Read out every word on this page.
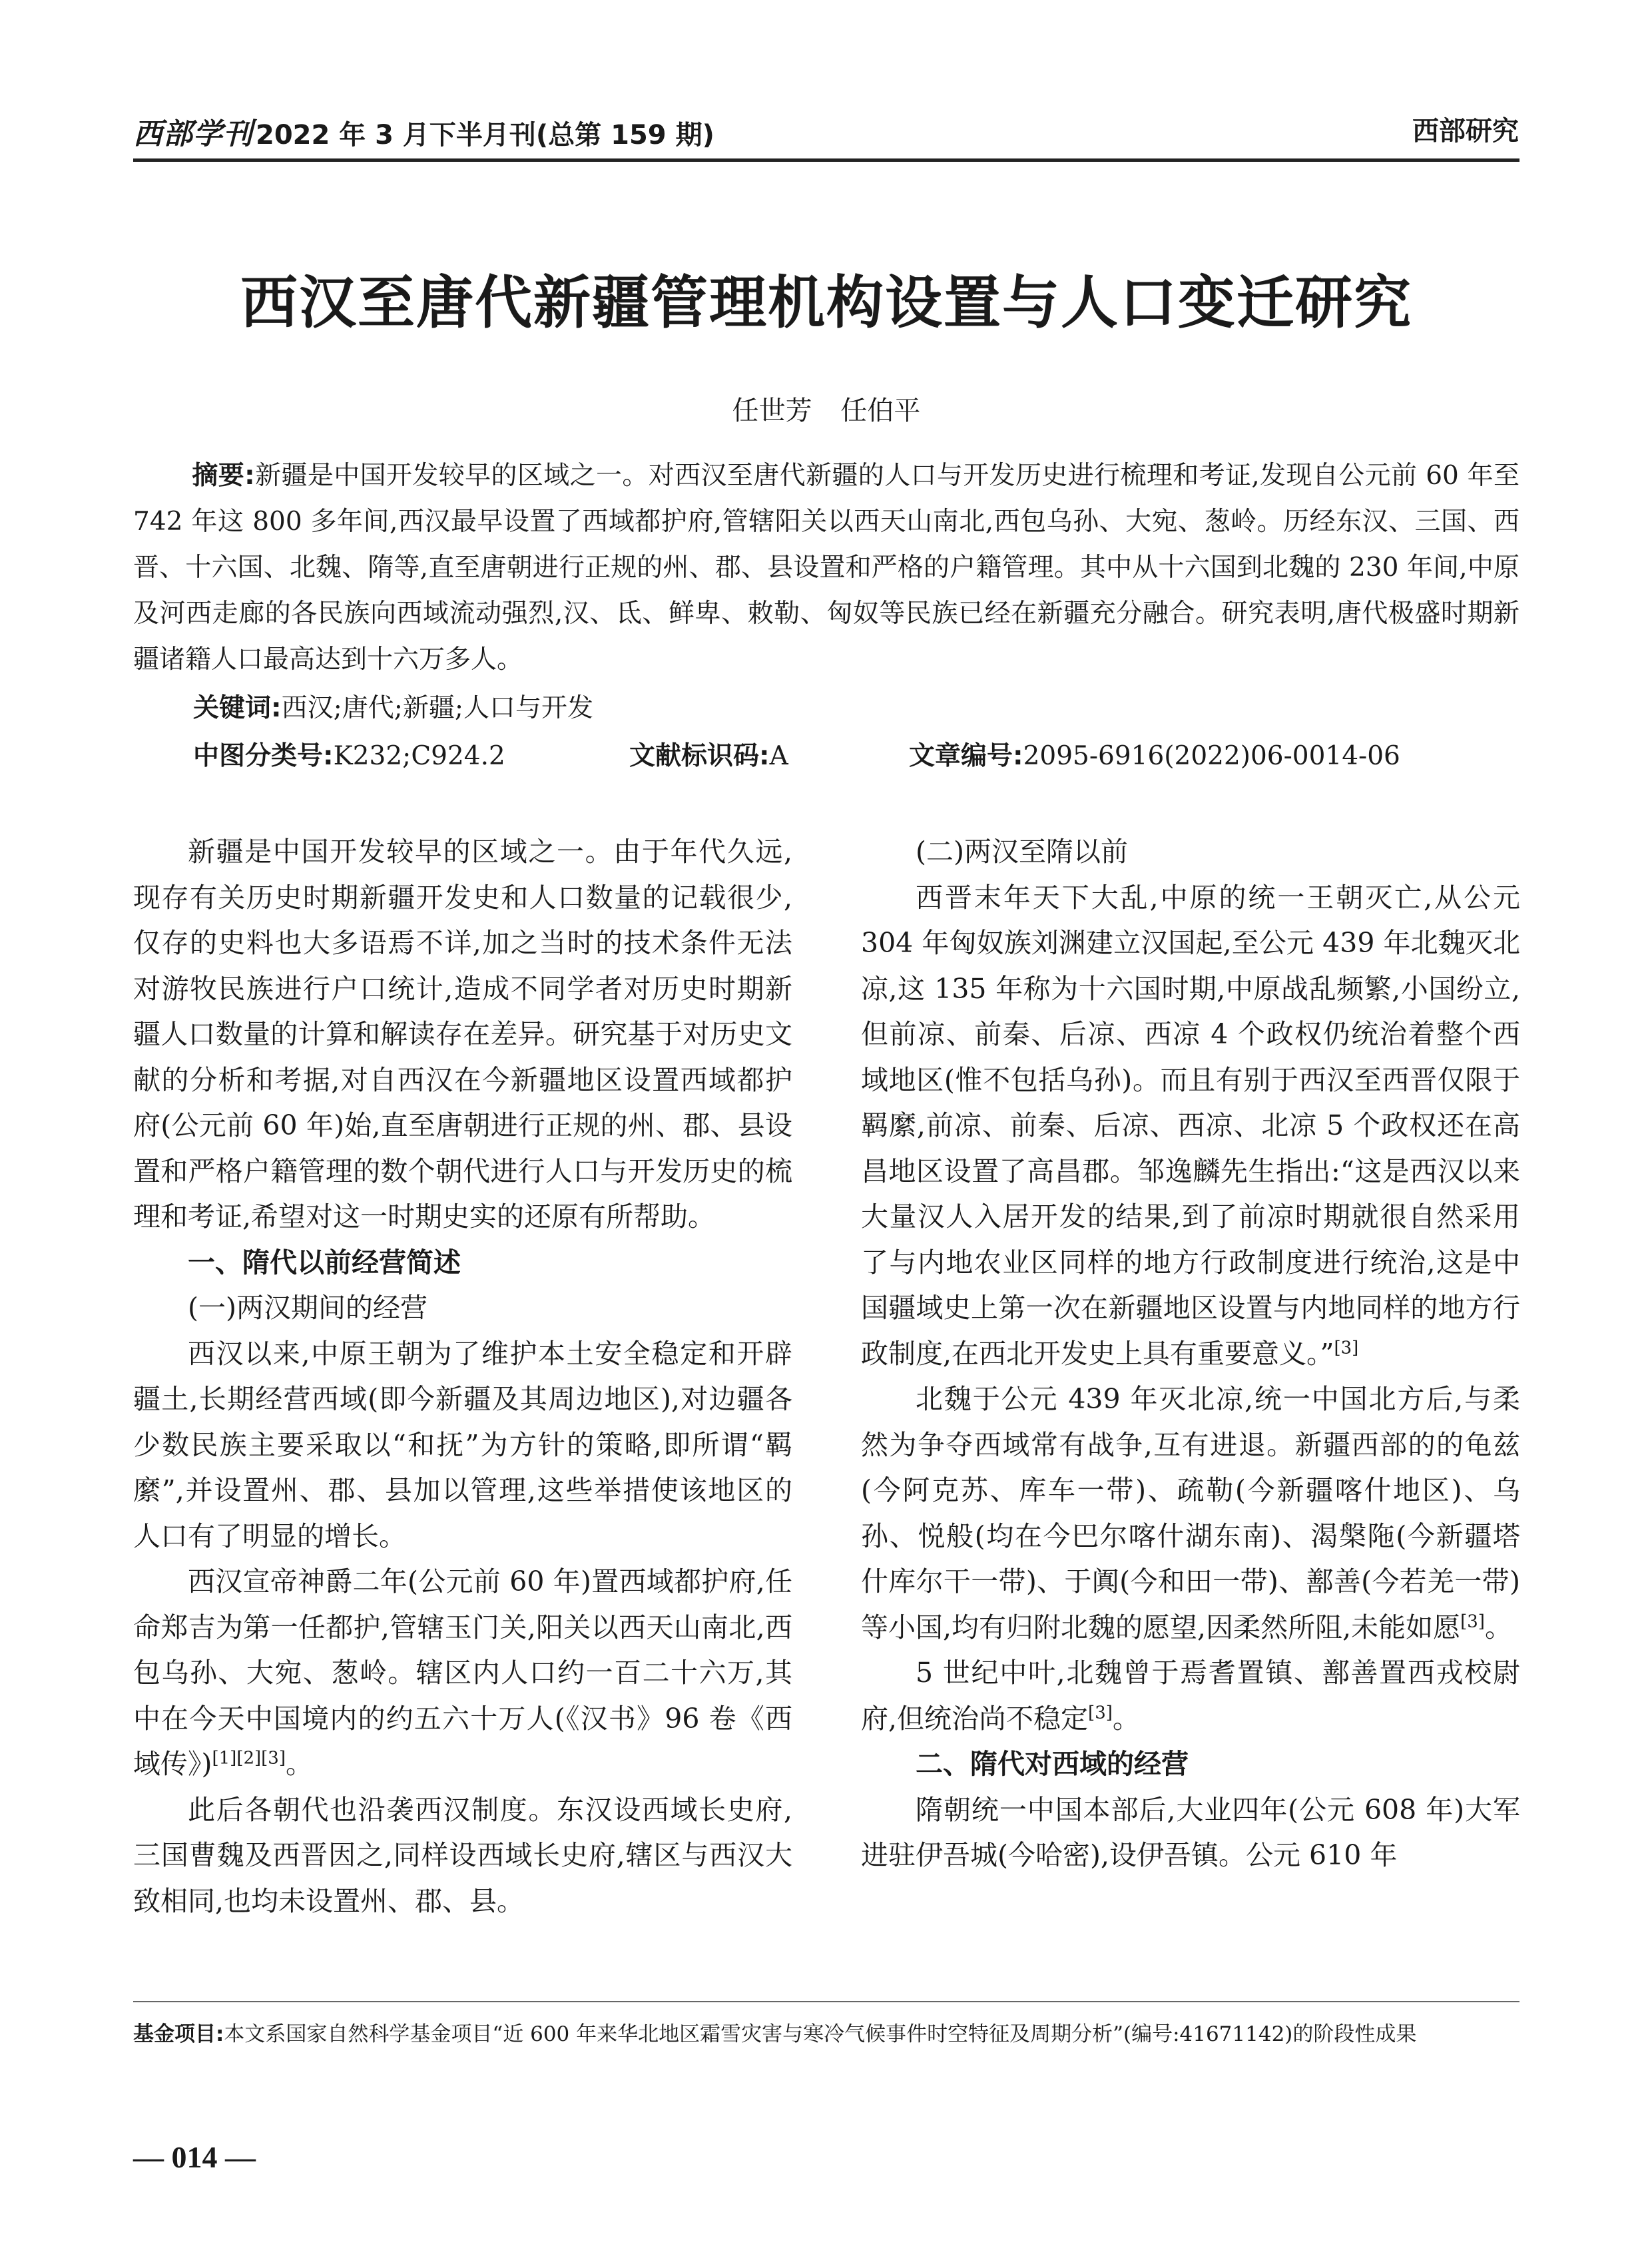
西部学刊 2022 年 3 月下半月刊(总第 159 期)	西部研究
西汉至唐代新疆管理机构设置与人口变迁研究
任世芳 任伯平
摘要:新疆是中国开发较早的区域之一。对西汉至唐代新疆的人口与开发历史进行梳理和考证,发现自公元前 60 年至 742 年这 800 多年间,西汉最早设置了西域都护府,管辖阳关以西天山南北,西包乌孙、大宛、葱岭。历经东汉、三国、西晋、十六国、北魏、隋等,直至唐朝进行正规的州、郡、县设置和严格的户籍管理。其中从十六国到北魏的 230 年间,中原及河西走廊的各民族向西域流动强烈,汉、氐、鲜卑、敕勒、匈奴等民族已经在新疆充分融合。研究表明,唐代极盛时期新疆诸籍人口最高达到十六万多人。
关键词:西汉;唐代;新疆;人口与开发
中图分类号:K232;C924.2	文献标识码:A	文章编号:2095-6916(2022)06-0014-06

新疆是中国开发较早的区域之一。由于年代久远,现存有关历史时期新疆开发史和人口数量的记载很少,仅存的史料也大多语焉不详,加之当时的技术条件无法对游牧民族进行户口统计,造成不同学者对历史时期新疆人口数量的计算和解读存在差异。研究基于对历史文献的分析和考据,对自西汉在今新疆地区设置西域都护府(公元前 60 年)始,直至唐朝进行正规的州、郡、县设置和严格户籍管理的数个朝代进行人口与开发历史的梳理和考证,希望对这一时期史实的还原有所帮助。

一、隋代以前经营简述
(一)两汉期间的经营

西汉以来,中原王朝为了维护本土安全稳定和开辟疆土,长期经营西域(即今新疆及其周边地区),对边疆各少数民族主要采取以“和抚”为方针的策略,即所谓“羁縻”,并设置州、郡、县加以管理,这些举措使该地区的人口有了明显的增长。

西汉宣帝神爵二年(公元前 60 年)置西域都护府,任命郑吉为第一任都护,管辖玉门关,阳关以西天山南北,西包乌孙、大宛、葱岭。辖区内人口约一百二十六万,其中在今天中国境内的约五六十万人(《汉书》96 卷《西域传》)[1][2][3]。

此后各朝代也沿袭西汉制度。东汉设西域长史府,三国曹魏及西晋因之,同样设西域长史府,辖区与西汉大致相同,也均未设置州、郡、县。

(二)两汉至隋以前

西晋末年天下大乱,中原的统一王朝灭亡,从公元 304 年匈奴族刘渊建立汉国起,至公元 439 年北魏灭北凉,这 135 年称为十六国时期,中原战乱频繁,小国纷立,但前凉、前秦、后凉、西凉 4 个政权仍统治着整个西域地区(惟不包括乌孙)。而且有别于西汉至西晋仅限于羁縻,前凉、前秦、后凉、西凉、北凉 5 个政权还在高昌地区设置了高昌郡。邹逸麟先生指出:“这是西汉以来大量汉人入居开发的结果,到了前凉时期就很自然采用了与内地农业区同样的地方行政制度进行统治,这是中国疆域史上第一次在新疆地区设置与内地同样的地方行政制度,在西北开发史上具有重要意义。”[3]

北魏于公元 439 年灭北凉,统一中国北方后,与柔然为争夺西域常有战争,互有进退。新疆西部的的龟兹(今阿克苏、库车一带)、疏勒(今新疆喀什地区)、乌孙、悦般(均在今巴尔喀什湖东南)、渴槃陁(今新疆塔什库尔干一带)、于阗(今和田一带)、鄯善(今若羌一带)等小国,均有归附北魏的愿望,因柔然所阻,未能如愿[3]。

5 世纪中叶,北魏曾于焉耆置镇、鄯善置西戎校尉府,但统治尚不稳定[3]。

二、隋代对西域的经营

隋朝统一中国本部后,大业四年(公元 608 年)大军进驻伊吾城(今哈密),设伊吾镇。公元 610 年

基金项目:本文系国家自然科学基金项目“近 600 年来华北地区霜雪灾害与寒冷气候事件时空特征及周期分析”(编号:41671142)的阶段性成果
— 014 —
